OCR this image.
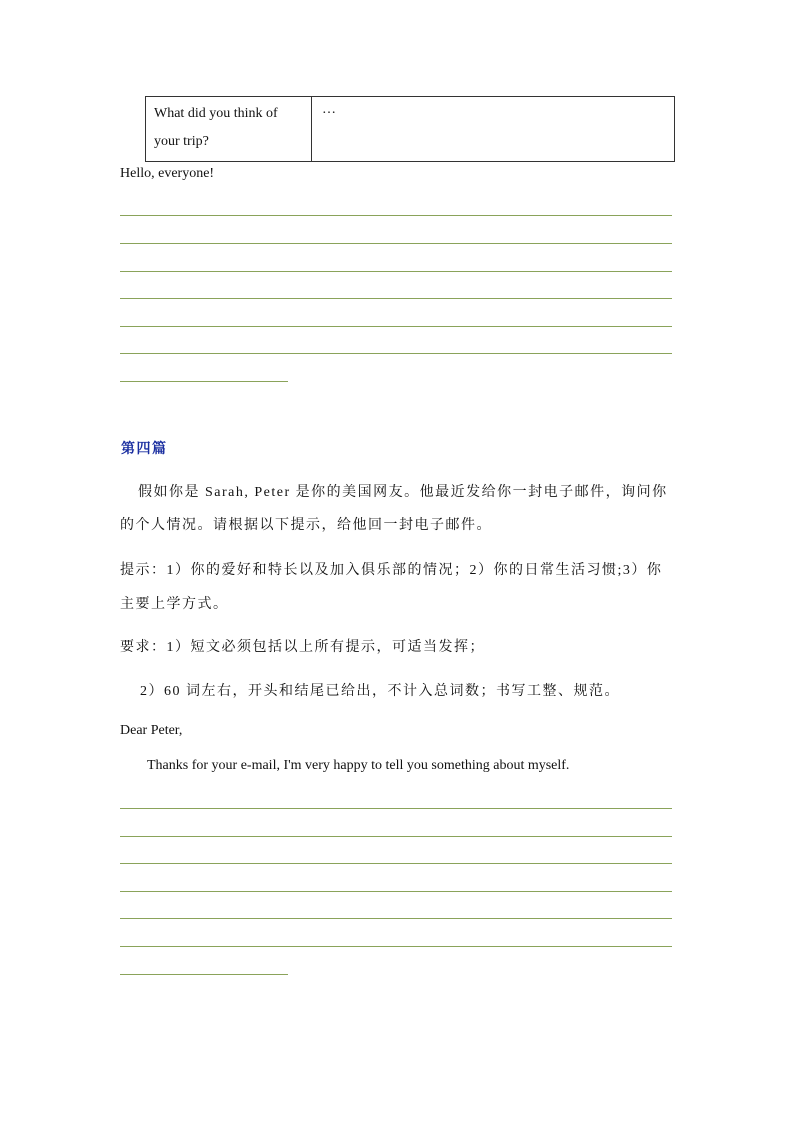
What did you think of your trip?
…
Hello, everyone!
第四篇
假如你是 Sarah, Peter 是你的美国网友。他最近发给你一封电子邮件，询问你
的个人情况。请根据以下提示，给他回一封电子邮件。
提示：1）你的爱好和特长以及加入俱乐部的情况；2）你的日常生活习惯;3）你
主要上学方式。
要求：1）短文必须包括以上所有提示，可适当发挥；
2）60 词左右，开头和结尾已给出，不计入总词数；书写工整、规范。
Dear Peter,
Thanks for your e-mail, I'm very happy to tell you something about myself.
